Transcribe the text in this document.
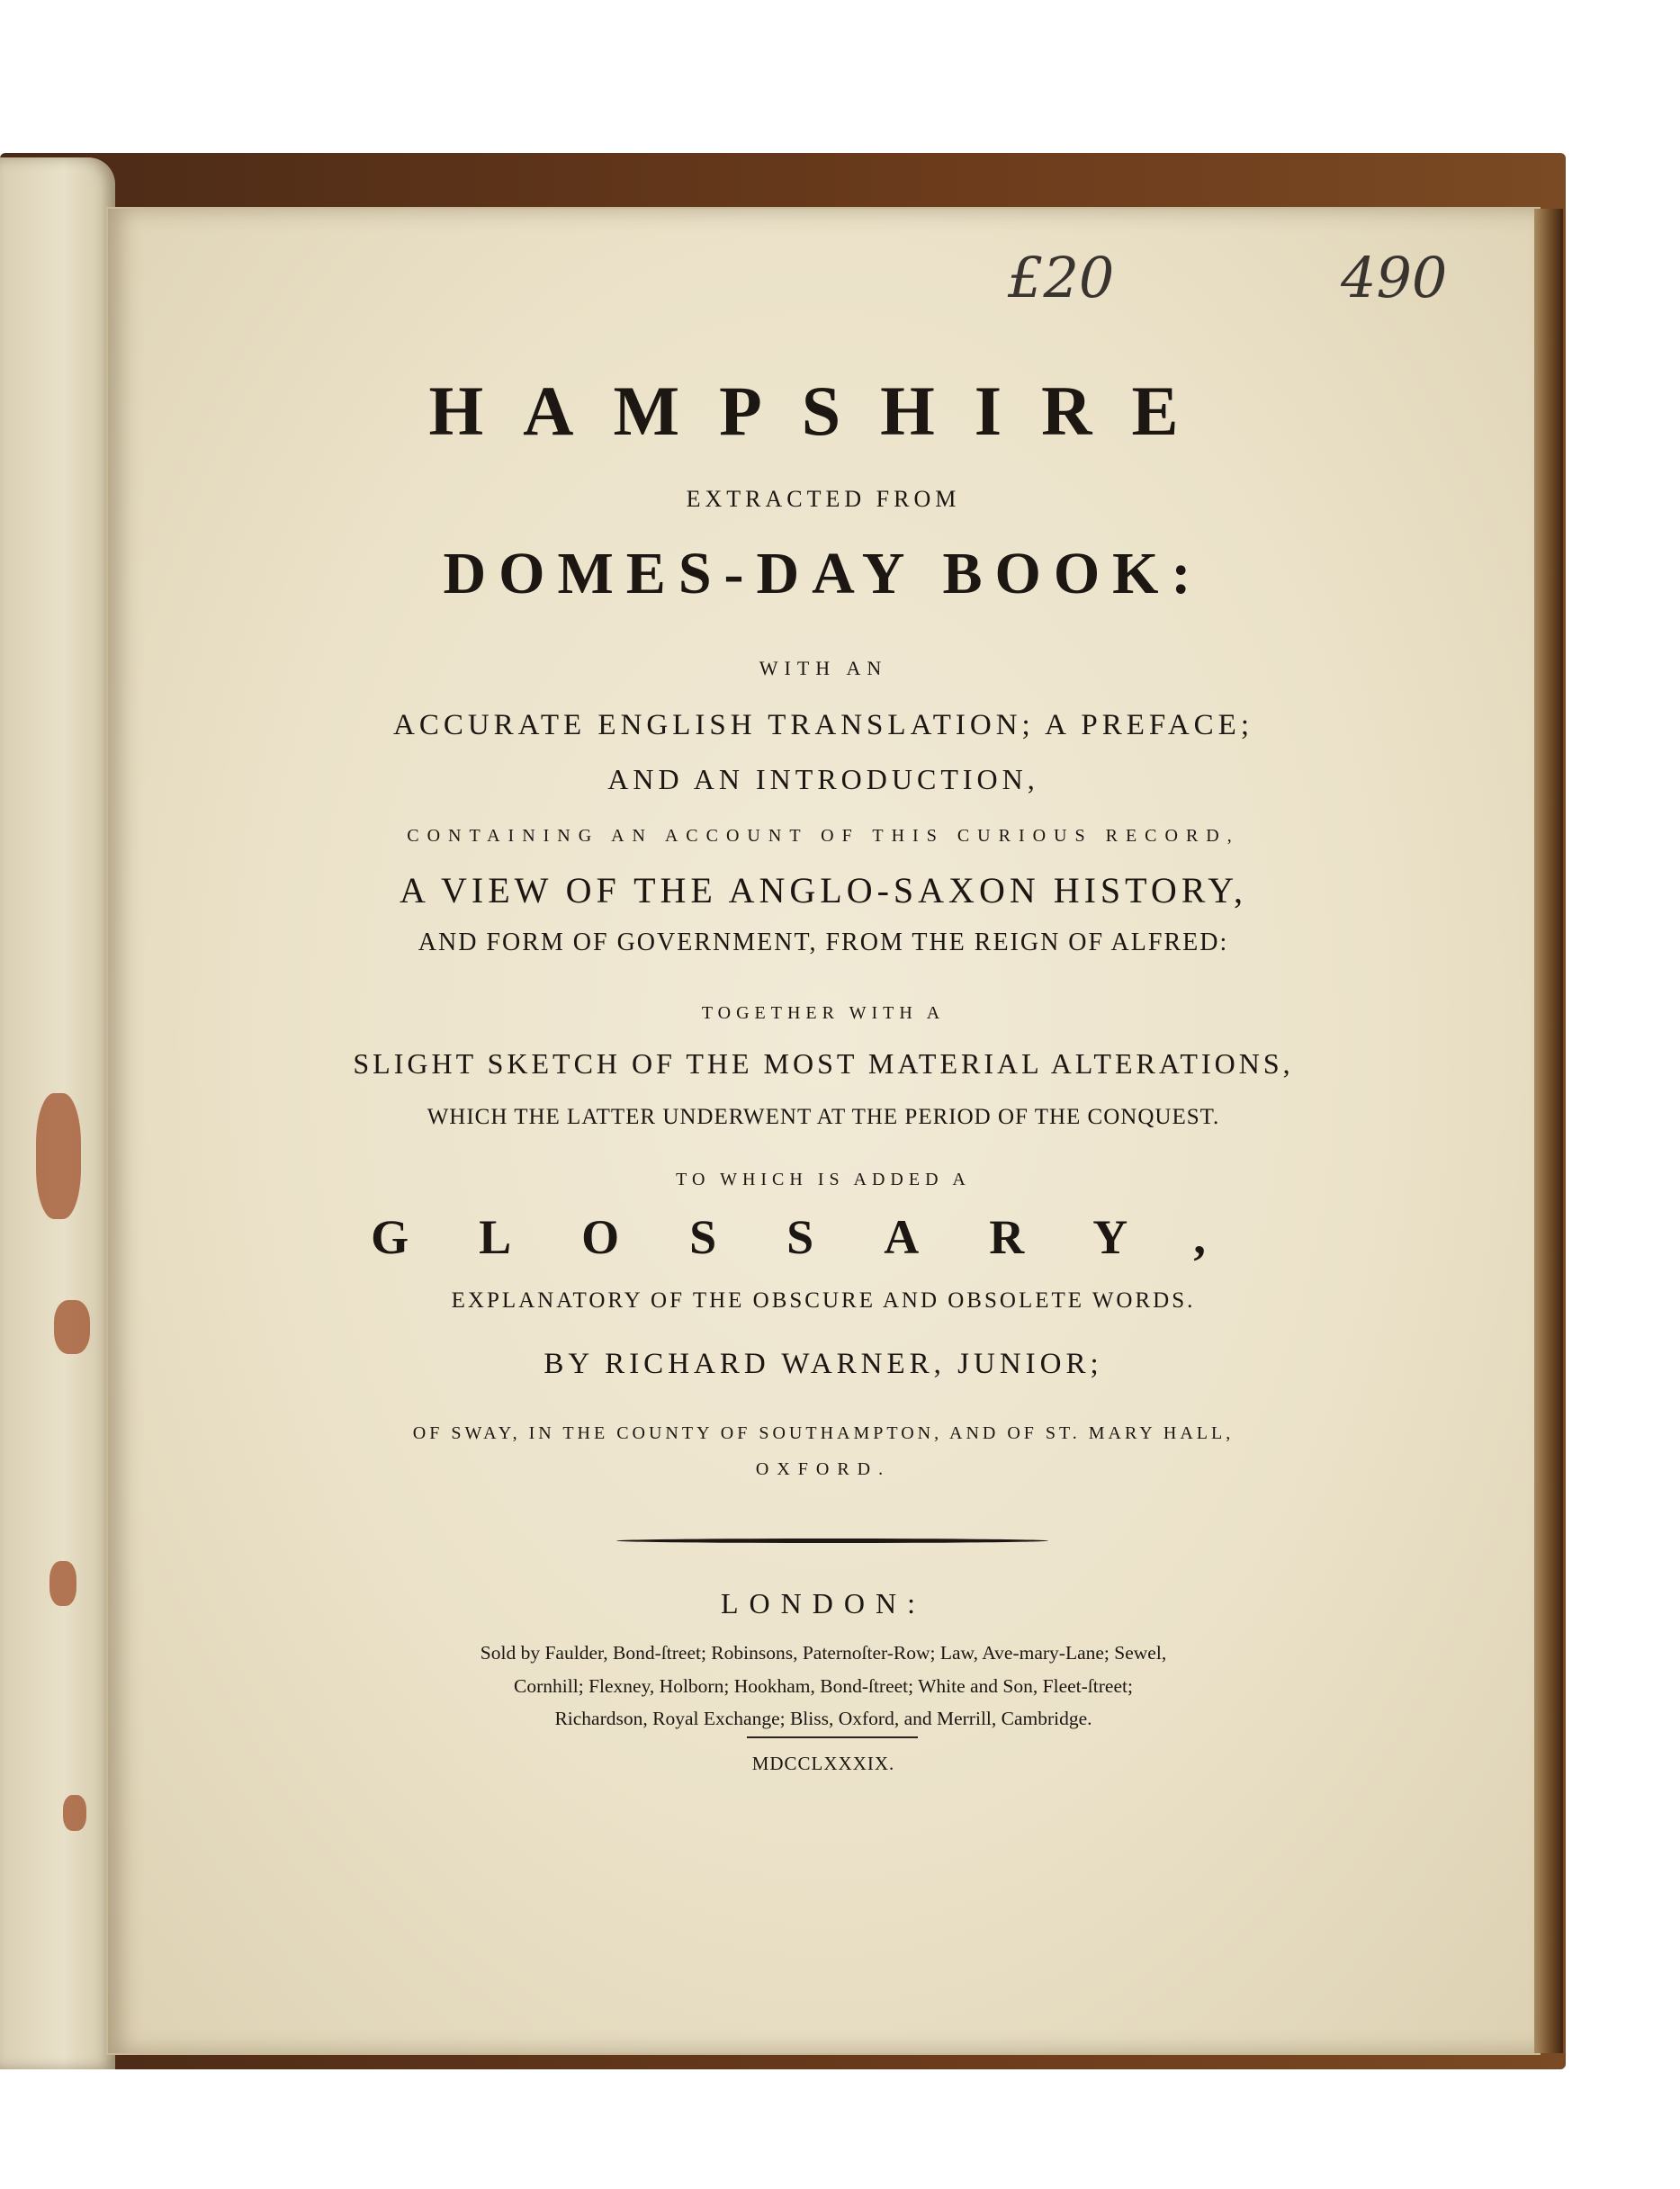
£20	490
HAMPSHIRE
EXTRACTED FROM
DOMES-DAY BOOK:
WITH AN
ACCURATE ENGLISH TRANSLATION; A PREFACE;
AND AN INTRODUCTION,
CONTAINING AN ACCOUNT OF THIS CURIOUS RECORD,
A VIEW OF THE ANGLO-SAXON HISTORY,
AND FORM OF GOVERNMENT, FROM THE REIGN OF ALFRED:
TOGETHER WITH A
SLIGHT SKETCH OF THE MOST MATERIAL ALTERATIONS,
WHICH THE LATTER UNDERWENT AT THE PERIOD OF THE CONQUEST.
TO WHICH IS ADDED A
GLOSSARY,
EXPLANATORY OF THE OBSCURE AND OBSOLETE WORDS.
BY RICHARD WARNER, JUNIOR;
OF SWAY, IN THE COUNTY OF SOUTHAMPTON, AND OF ST. MARY HALL,
OXFORD.
LONDON:
Sold by Faulder, Bond-ſtreet; Robinsons, Paternoſter-Row; Law, Ave-mary-Lane; Sewel,
Cornhill; Flexney, Holborn; Hookham, Bond-ſtreet; White and Son, Fleet-ſtreet;
Richardson, Royal Exchange; Bliss, Oxford, and Merrill, Cambridge.
MDCCLXXXIX.
